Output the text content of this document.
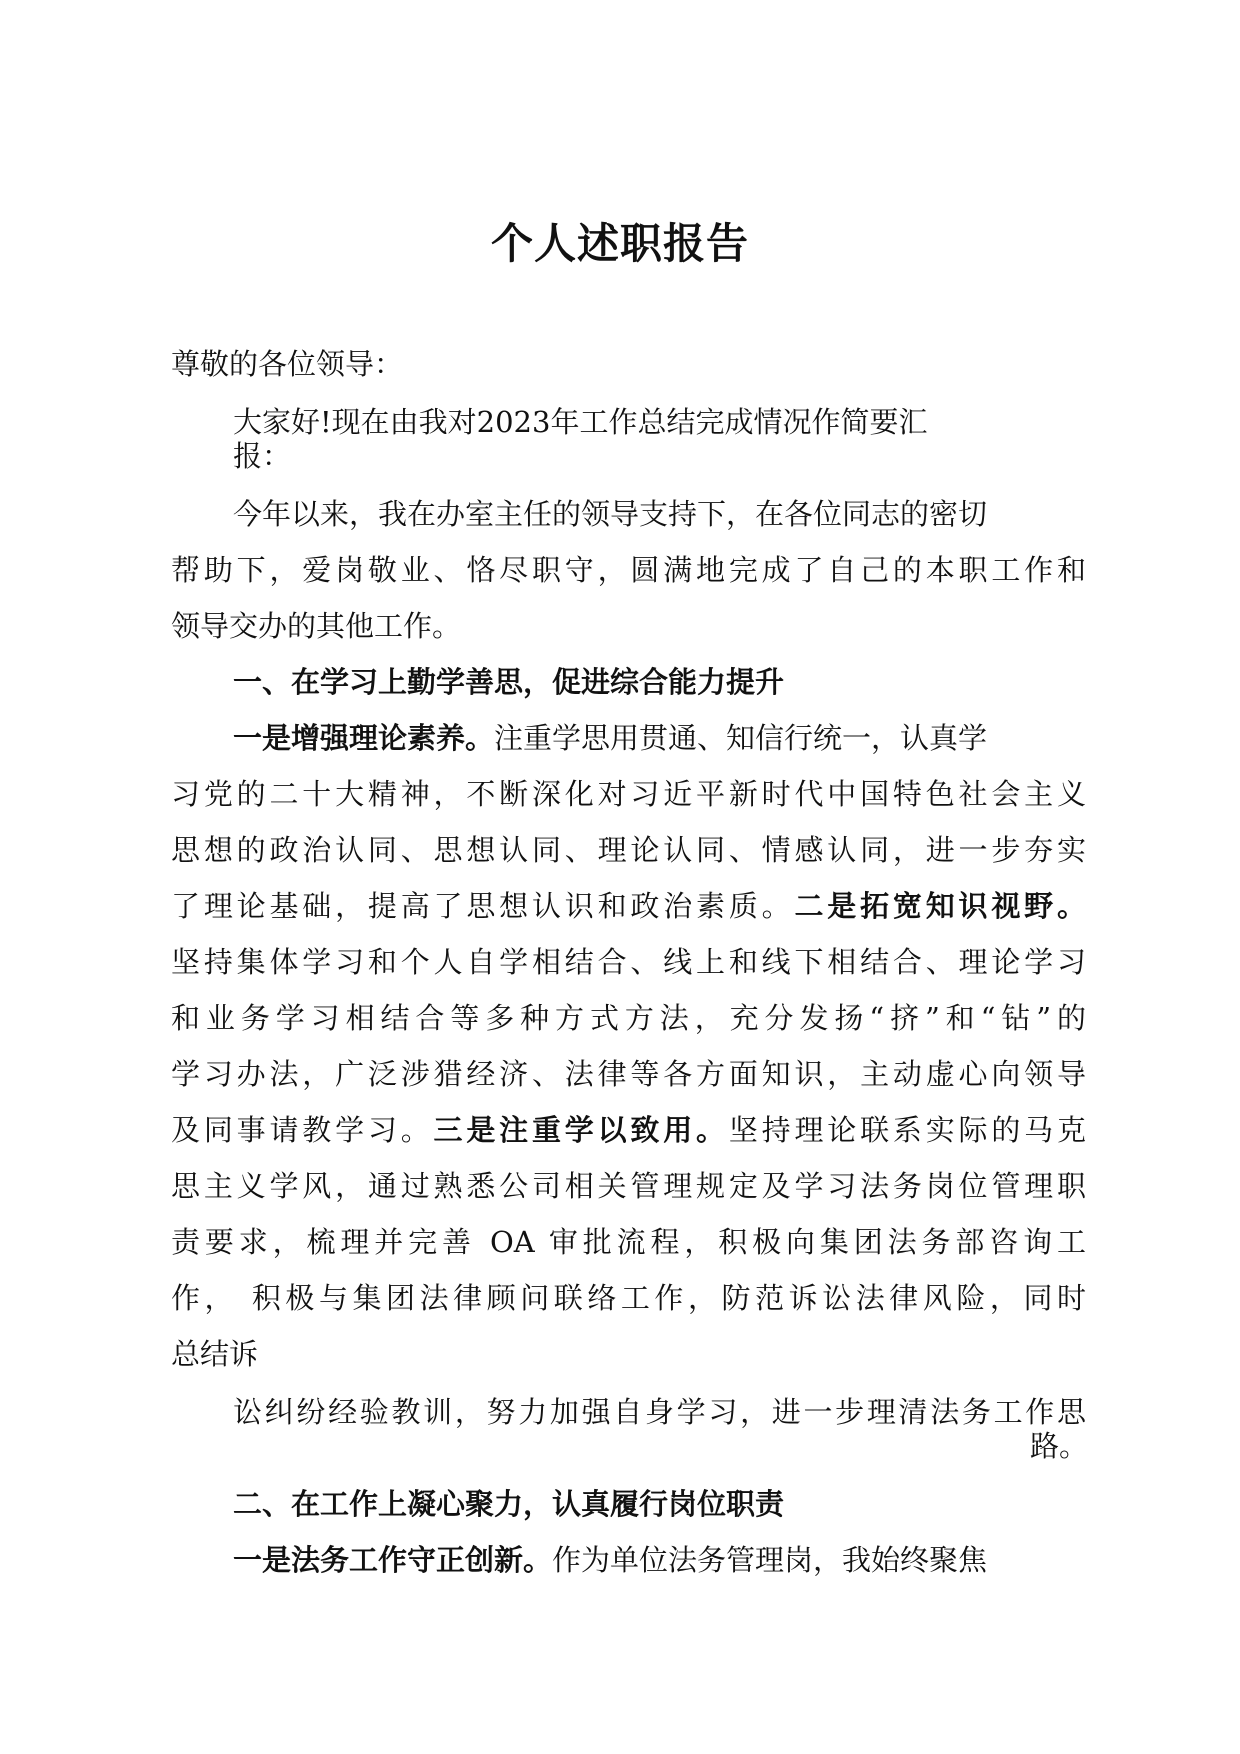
个人述职报告
尊敬的各位领导：
大家好!现在由我对2023年工作总结完成情况作简要汇
报：
今年以来，我在办室主任的领导支持下，在各位同志的密切
帮助下，爱岗敬业、恪尽职守，圆满地完成了自己的本职工作和
领导交办的其他工作。
一、在学习上勤学善思，促进综合能力提升
一是增强理论素养。注重学思用贯通、知信行统一，认真学
习党的二十大精神，不断深化对习近平新时代中国特色社会主义
思想的政治认同、思想认同、理论认同、情感认同，进一步夯实
了理论基础，提高了思想认识和政治素质。二是拓宽知识视野。
坚持集体学习和个人自学相结合、线上和线下相结合、理论学习
和业务学习相结合等多种方式方法，充分发扬“挤”和“钻”的
学习办法，广泛涉猎经济、法律等各方面知识，主动虚心向领导
及同事请教学习。三是注重学以致用。坚持理论联系实际的马克
思主义学风，通过熟悉公司相关管理规定及学习法务岗位管理职
责要求，梳理并完善 OA 审批流程，积极向集团法务部咨询工
作， 积极与集团法律顾问联络工作，防范诉讼法律风险，同时
总结诉
讼纠纷经验教训，努力加强自身学习，进一步理清法务工作思
路。
二、在工作上凝心聚力，认真履行岗位职责
一是法务工作守正创新。作为单位法务管理岗，我始终聚焦
